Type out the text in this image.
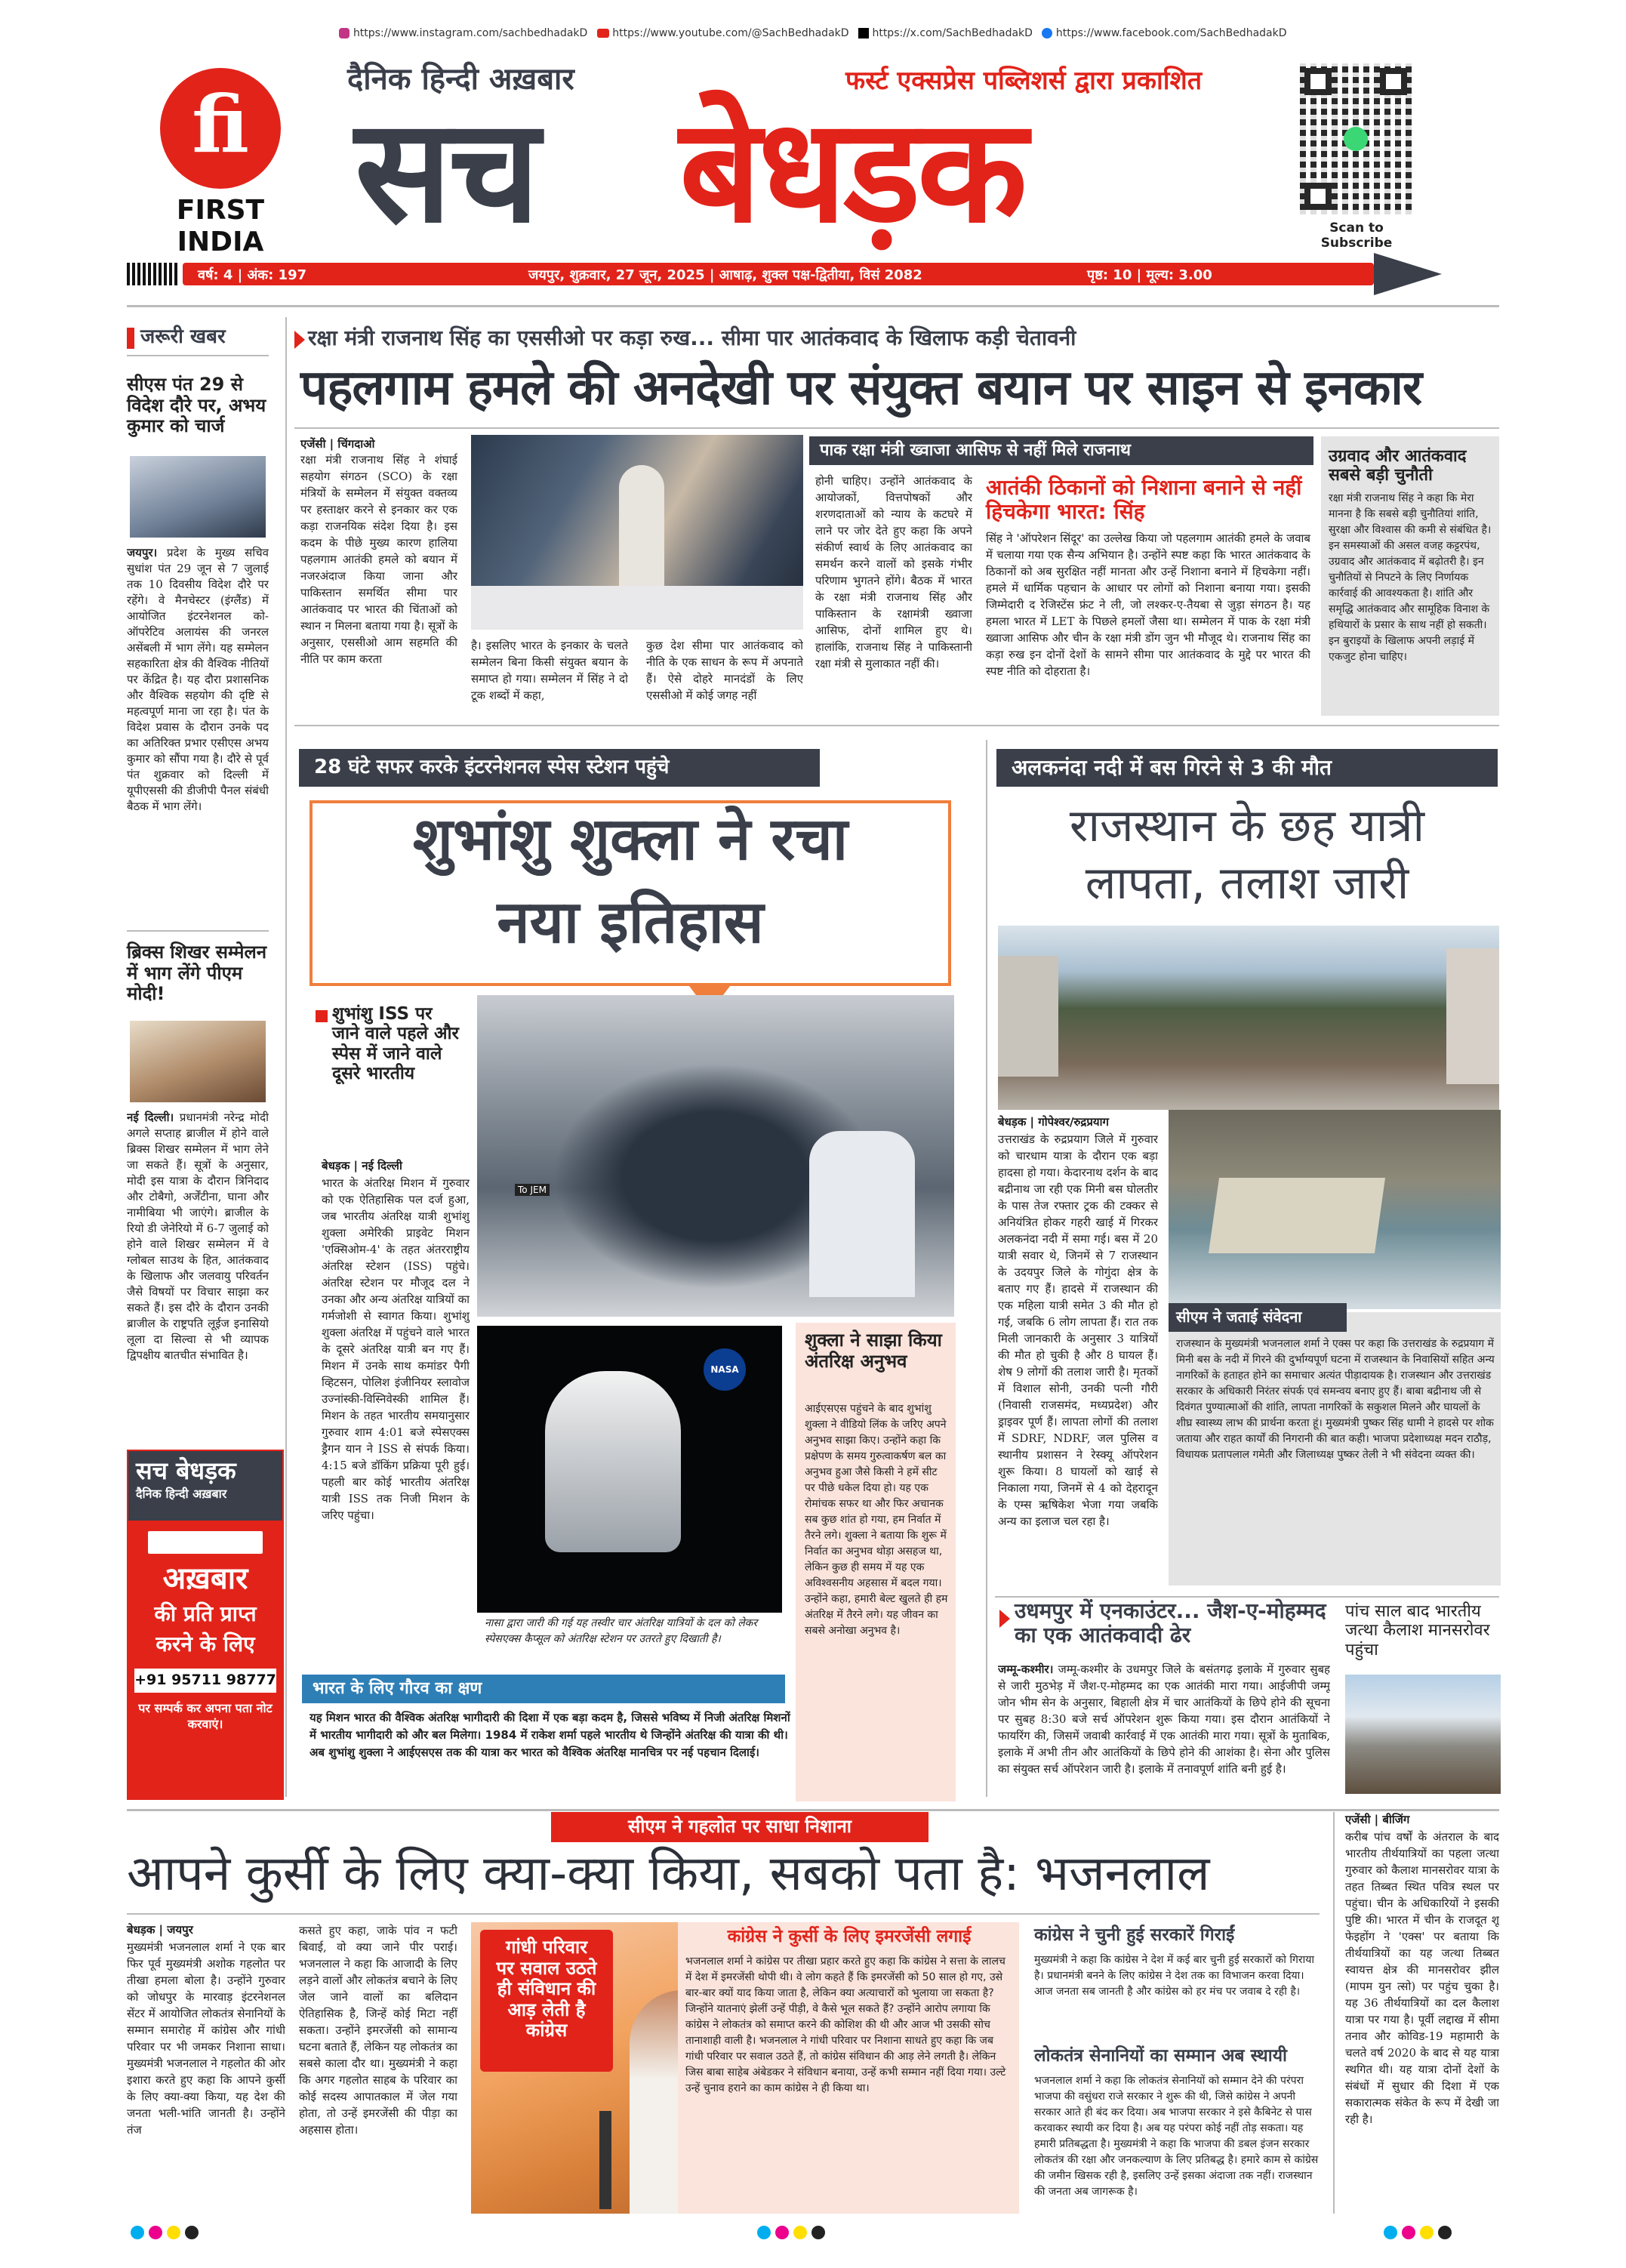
https://www.instagram.com/sachbedhadakD https://www.youtube.com/@SachBedhadakD https://x.com/SachBedhadakD https://www.facebook.com/SachBedhadakD
fi
FIRST
INDIA
दैनिक हिन्दी अख़बार	फर्स्ट एक्सप्रेस पब्लिशर्स द्वारा प्रकाशित
सच बेधड़क	Scan to Subscribe
वर्ष: 4 | अंक: 197	जयपुर, शुक्रवार, 27 जून, 2025 | आषाढ़, शुक्ल पक्ष-द्वितीया, विसं 2082	पृष्ठ: 10 | मूल्य: 3.00
जरूरी खबर
सीएस पंत 29 से विदेश दौरे पर, अभय कुमार को चार्ज
जयपुर। प्रदेश के मुख्य सचिव सुधांश पंत 29 जून से 7 जुलाई तक 10 दिवसीय विदेश दौरे पर रहेंगे। वे मैनचेस्टर (इंग्लैंड) में आयोजित इंटरनेशनल को-ऑपरेटिव अलायंस की जनरल असेंबली में भाग लेंगे। यह सम्मेलन सहकारिता क्षेत्र की वैश्विक नीतियों पर केंद्रित है। यह दौरा प्रशासनिक और वैश्विक सहयोग की दृष्टि से महत्वपूर्ण माना जा रहा है। पंत के विदेश प्रवास के दौरान उनके पद का अतिरिक्त प्रभार एसीएस अभय कुमार को सौंपा गया है। दौरे से पूर्व पंत शुक्रवार को दिल्ली में यूपीएससी की डीजीपी पैनल संबंधी बैठक में भाग लेंगे।
ब्रिक्स शिखर सम्मेलन में भाग लेंगे पीएम मोदी!
नई दिल्ली। प्रधानमंत्री नरेन्द्र मोदी अगले सप्ताह ब्राजील में होने वाले ब्रिक्स शिखर सम्मेलन में भाग लेने जा सकते हैं। सूत्रों के अनुसार, मोदी इस यात्रा के दौरान त्रिनिदाद और टोबैगो, अर्जेंटीना, घाना और नामीबिया भी जाएंगे। ब्राजील के रियो डी जेनेरियो में 6-7 जुलाई को होने वाले शिखर सम्मेलन में वे ग्लोबल साउथ के हित, आतंकवाद के खिलाफ और जलवायु परिवर्तन जैसे विषयों पर विचार साझा कर सकते हैं। इस दौरे के दौरान उनकी ब्राजील के राष्ट्रपति लूईज इनासियो लूला दा सिल्वा से भी व्यापक द्विपक्षीय बातचीत संभावित है।
सच बेधड़क
दैनिक हिन्दी अख़बार
अख़बार
की प्रति प्राप्त
करने के लिए
+91 95711 98777
पर सम्पर्क कर अपना पता नोट करवाएं।
रक्षा मंत्री राजनाथ सिंह का एससीओ पर कड़ा रुख... सीमा पार आतंकवाद के खिलाफ कड़ी चेतावनी
पहलगाम हमले की अनदेखी पर संयुक्त बयान पर साइन से इनकार
एजेंसी | चिंगदाओ
रक्षा मंत्री राजनाथ सिंह ने शंघाई सहयोग संगठन (SCO) के रक्षा मंत्रियों के सम्मेलन में संयुक्त वक्तव्य पर हस्ताक्षर करने से इनकार कर एक कड़ा राजनयिक संदेश दिया है। इस कदम के पीछे मुख्य कारण हालिया पहलगाम आतंकी हमले को बयान में नजरअंदाज किया जाना और पाकिस्तान समर्थित सीमा पार आतंकवाद पर भारत की चिंताओं को स्थान न मिलना बताया गया है। सूत्रों के अनुसार, एससीओ आम सहमति की नीति पर काम करता
है। इसलिए भारत के इनकार के चलते सम्मेलन बिना किसी संयुक्त बयान के समाप्त हो गया। सम्मेलन में सिंह ने दो टूक शब्दों में कहा,
कुछ देश सीमा पार आतंकवाद को नीति के एक साधन के रूप में अपनाते हैं। ऐसे दोहरे मानदंडों के लिए एससीओ में कोई जगह नहीं
पाक रक्षा मंत्री ख्वाजा आसिफ से नहीं मिले राजनाथ
होनी चाहिए। उन्होंने आतंकवाद के आयोजकों, वित्तपोषकों और शरणदाताओं को न्याय के कटघरे में लाने पर जोर देते हुए कहा कि अपने संकीर्ण स्वार्थ के लिए आतंकवाद का समर्थन करने वालों को इसके गंभीर परिणाम भुगतने होंगे। बैठक में भारत के रक्षा मंत्री राजनाथ सिंह और पाकिस्तान के रक्षामंत्री ख्वाजा आसिफ, दोनों शामिल हुए थे। हालांकि, राजनाथ सिंह ने पाकिस्तानी रक्षा मंत्री से मुलाकात नहीं की।
आतंकी ठिकानों को निशाना बनाने से नहीं हिचकेगा भारत: सिंह
सिंह ने 'ऑपरेशन सिंदूर' का उल्लेख किया जो पहलगाम आतंकी हमले के जवाब में चलाया गया एक सैन्य अभियान है। उन्होंने स्पष्ट कहा कि भारत आतंकवाद के ठिकानों को अब सुरक्षित नहीं मानता और उन्हें निशाना बनाने में हिचकेगा नहीं। हमले में धार्मिक पहचान के आधार पर लोगों को निशाना बनाया गया। इसकी जिम्मेदारी द रेजिस्टेंस फ्रंट ने ली, जो लश्कर-ए-तैयबा से जुड़ा संगठन है। यह हमला भारत में LET के पिछले हमलों जैसा था। सम्मेलन में पाक के रक्षा मंत्री ख्वाजा आसिफ और चीन के रक्षा मंत्री डोंग जुन भी मौजूद थे। राजनाथ सिंह का कड़ा रुख इन दोनों देशों के सामने सीमा पार आतंकवाद के मुद्दे पर भारत की स्पष्ट नीति को दोहराता है।
उग्रवाद और आतंकवाद सबसे बड़ी चुनौती
रक्षा मंत्री राजनाथ सिंह ने कहा कि मेरा मानना है कि सबसे बड़ी चुनौतियां शांति, सुरक्षा और विश्वास की कमी से संबंधित है। इन समस्याओं की असल वजह कट्टरपंथ, उग्रवाद और आतंकवाद में बढ़ोतरी है। इन चुनौतियों से निपटने के लिए निर्णायक कार्रवाई की आवश्यकता है। शांति और समृद्धि आतंकवाद और सामूहिक विनाश के हथियारों के प्रसार के साथ नहीं हो सकती। इन बुराइयों के खिलाफ अपनी लड़ाई में एकजुट होना चाहिए।
28 घंटे सफर करके इंटरनेशनल स्पेस स्टेशन पहुंचे
शुभांशु शुक्ला ने रचा
नया इतिहास
शुभांशु ISS पर जाने वाले पहले और स्पेस में जाने वाले दूसरे भारतीय
To JEM
बेधड़क | नई दिल्ली
भारत के अंतरिक्ष मिशन में गुरुवार को एक ऐतिहासिक पल दर्ज हुआ, जब भारतीय अंतरिक्ष यात्री शुभांशु शुक्ला अमेरिकी प्राइवेट मिशन 'एक्सिओम-4' के तहत अंतरराष्ट्रीय अंतरिक्ष स्टेशन (ISS) पहुंचे। अंतरिक्ष स्टेशन पर मौजूद दल ने उनका और अन्य अंतरिक्ष यात्रियों का गर्मजोशी से स्वागत किया। शुभांशु शुक्ला अंतरिक्ष में पहुंचने वाले भारत के दूसरे अंतरिक्ष यात्री बन गए हैं। मिशन में उनके साथ कमांडर पैगी व्हिटसन, पोलिश इंजीनियर स्लावोज उज्नांस्की-विस्निवेस्की शामिल हैं। मिशन के तहत भारतीय समयानुसार गुरुवार शाम 4:01 बजे स्पेसएक्स ड्रैगन यान ने ISS से संपर्क किया। 4:15 बजे डॉकिंग प्रक्रिया पूरी हुई। पहली बार कोई भारतीय अंतरिक्ष यात्री ISS तक निजी मिशन के जरिए पहुंचा।
NASA
नासा द्वारा जारी की गई यह तस्वीर चार अंतरिक्ष यात्रियों के दल को लेकर स्पेसएक्स कैप्सूल को अंतरिक्ष स्टेशन पर उतरते हुए दिखाती है।
शुक्ला ने साझा किया अंतरिक्ष अनुभव
आईएसएस पहुंचने के बाद शुभांशु शुक्ला ने वीडियो लिंक के जरिए अपने अनुभव साझा किए। उन्होंने कहा कि प्रक्षेपण के समय गुरुत्वाकर्षण बल का अनुभव हुआ जैसे किसी ने हमें सीट पर पीछे धकेल दिया हो। यह एक रोमांचक सफर था और फिर अचानक सब कुछ शांत हो गया, हम निर्वात में तैरने लगे। शुक्ला ने बताया कि शुरू में निर्वात का अनुभव थोड़ा असहज था, लेकिन कुछ ही समय में यह एक अविश्वसनीय अहसास में बदल गया। उन्होंने कहा, हमारी बेल्ट खुलते ही हम अंतरिक्ष में तैरने लगे। यह जीवन का सबसे अनोखा अनुभव है।
भारत के लिए गौरव का क्षण
यह मिशन भारत की वैश्विक अंतरिक्ष भागीदारी की दिशा में एक बड़ा कदम है, जिससे भविष्य में निजी अंतरिक्ष मिशनों में भारतीय भागीदारी को और बल मिलेगा। 1984 में राकेश शर्मा पहले भारतीय थे जिन्होंने अंतरिक्ष की यात्रा की थी। अब शुभांशु शुक्ला ने आईएसएस तक की यात्रा कर भारत को वैश्विक अंतरिक्ष मानचित्र पर नई पहचान दिलाई।
अलकनंदा नदी में बस गिरने से 3 की मौत
राजस्थान के छह यात्री
लापता, तलाश जारी
बेधड़क | गोपेश्वर/रुद्रप्रयाग
उत्तराखंड के रुद्रप्रयाग जिले में गुरुवार को चारधाम यात्रा के दौरान एक बड़ा हादसा हो गया। केदारनाथ दर्शन के बाद बद्रीनाथ जा रही एक मिनी बस घोलतीर के पास तेज रफ्तार ट्रक की टक्कर से अनियंत्रित होकर गहरी खाई में गिरकर अलकनंदा नदी में समा गई। बस में 20 यात्री सवार थे, जिनमें से 7 राजस्थान के उदयपुर जिले के गोगुंदा क्षेत्र के बताए गए हैं। हादसे में राजस्थान की एक महिला यात्री समेत 3 की मौत हो गई, जबकि 6 लोग लापता हैं। रात तक मिली जानकारी के अनुसार 3 यात्रियों की मौत हो चुकी है और 8 घायल हैं। शेष 9 लोगों की तलाश जारी है। मृतकों में विशाल सोनी, उनकी पत्नी गौरी (निवासी राजसमंद, मध्यप्रदेश) और ड्राइवर पूर्ण हैं। लापता लोगों की तलाश में SDRF, NDRF, जल पुलिस व स्थानीय प्रशासन ने रेस्क्यू ऑपरेशन शुरू किया। 8 घायलों को खाई से निकाला गया, जिनमें से 4 को देहरादून के एम्स ऋषिकेश भेजा गया जबकि अन्य का इलाज चल रहा है।
सीएम ने जताई संवेदना
राजस्थान के मुख्यमंत्री भजनलाल शर्मा ने एक्स पर कहा कि उत्तराखंड के रुद्रप्रयाग में मिनी बस के नदी में गिरने की दुर्भाग्यपूर्ण घटना में राजस्थान के निवासियों सहित अन्य नागरिकों के हताहत होने का समाचार अत्यंत पीड़ादायक है। राजस्थान और उत्तराखंड सरकार के अधिकारी निरंतर संपर्क एवं समन्वय बनाए हुए हैं। बाबा बद्रीनाथ जी से दिवंगत पुण्यात्माओं की शांति, लापता नागरिकों के सकुशल मिलने और घायलों के शीघ्र स्वास्थ्य लाभ की प्रार्थना करता हूं। मुख्यमंत्री पुष्कर सिंह धामी ने हादसे पर शोक जताया और राहत कार्यों की निगरानी की बात कही। भाजपा प्रदेशाध्यक्ष मदन राठौड़, विधायक प्रतापलाल गमेती और जिलाध्यक्ष पुष्कर तेली ने भी संवेदना व्यक्त की।
उधमपुर में एनकाउंटर... जैश-ए-मोहम्मद का एक आतंकवादी ढेर
जम्मू-कश्मीर। जम्मू-कश्मीर के उधमपुर जिले के बसंतगढ़ इलाके में गुरुवार सुबह से जारी मुठभेड़ में जैश-ए-मोहम्मद का एक आतंकी मारा गया। आईजीपी जम्मू जोन भीम सेन के अनुसार, बिहाली क्षेत्र में चार आतंकियों के छिपे होने की सूचना पर सुबह 8:30 बजे सर्च ऑपरेशन शुरू किया गया। इस दौरान आतंकियों ने फायरिंग की, जिसमें जवाबी कार्रवाई में एक आतंकी मारा गया। सूत्रों के मुताबिक, इलाके में अभी तीन और आतंकियों के छिपे होने की आशंका है। सेना और पुलिस का संयुक्त सर्च ऑपरेशन जारी है। इलाके में तनावपूर्ण शांति बनी हुई है।
पांच साल बाद भारतीय जत्था कैलाश मानसरोवर पहुंचा
सीएम ने गहलोत पर साधा निशाना
आपने कुर्सी के लिए क्या-क्या किया, सबको पता है: भजनलाल
बेधड़क | जयपुर
मुख्यमंत्री भजनलाल शर्मा ने एक बार फिर पूर्व मुख्यमंत्री अशोक गहलोत पर तीखा हमला बोला है। उन्होंने गुरुवार को जोधपुर के मारवाड़ इंटरनेशनल सेंटर में आयोजित लोकतंत्र सेनानियों के सम्मान समारोह में कांग्रेस और गांधी परिवार पर भी जमकर निशाना साधा। मुख्यमंत्री भजनलाल ने गहलोत की ओर इशारा करते हुए कहा कि आपने कुर्सी के लिए क्या-क्या किया, यह देश की जनता भली-भांति जानती है। उन्होंने तंज
कसते हुए कहा, जाके पांव न फटी बिवाई, वो क्या जाने पीर पराई। भजनलाल ने कहा कि आजादी के लिए लड़ने वालों और लोकतंत्र बचाने के लिए जेल जाने वालों का बलिदान ऐतिहासिक है, जिन्हें कोई मिटा नहीं सकता। उन्होंने इमरजेंसी को सामान्य घटना बताते हैं, लेकिन यह लोकतंत्र का सबसे काला दौर था। मुख्यमंत्री ने कहा कि अगर गहलोत साहब के परिवार का कोई सदस्य आपातकाल में जेल गया होता, तो उन्हें इमरजेंसी की पीड़ा का अहसास होता।
गांधी परिवार
पर सवाल उठते
ही संविधान की
आड़ लेती है
कांग्रेस
कांग्रेस ने कुर्सी के लिए इमरजेंसी लगाई
भजनलाल शर्मा ने कांग्रेस पर तीखा प्रहार करते हुए कहा कि कांग्रेस ने सत्ता के लालच में देश में इमरजेंसी थोपी थी। वे लोग कहते हैं कि इमरजेंसी को 50 साल हो गए, उसे बार-बार क्यों याद किया जाता है, लेकिन क्या अत्याचारों को भुलाया जा सकता है? जिन्होंने यातनाएं झेलीं उन्हें पीड़ी, वे कैसे भूल सकते हैं? उन्होंने आरोप लगाया कि कांग्रेस ने लोकतंत्र को समाप्त करने की कोशिश की थी और आज भी उसकी सोच तानाशाही वाली है। भजनलाल ने गांधी परिवार पर निशाना साधते हुए कहा कि जब गांधी परिवार पर सवाल उठते हैं, तो कांग्रेस संविधान की आड़ लेने लगती है। लेकिन जिस बाबा साहेब अंबेडकर ने संविधान बनाया, उन्हें कभी सम्मान नहीं दिया गया। उल्टे उन्हें चुनाव हराने का काम कांग्रेस ने ही किया था।
कांग्रेस ने चुनी हुई सरकारें गिराईं
मुख्यमंत्री ने कहा कि कांग्रेस ने देश में कई बार चुनी हुई सरकारों को गिराया है। प्रधानमंत्री बनने के लिए कांग्रेस ने देश तक का विभाजन करवा दिया। आज जनता सब जानती है और कांग्रेस को हर मंच पर जवाब दे रही है।
लोकतंत्र सेनानियों का सम्मान अब स्थायी
भजनलाल शर्मा ने कहा कि लोकतंत्र सेनानियों को सम्मान देने की परंपरा भाजपा की वसुंधरा राजे सरकार ने शुरू की थी, जिसे कांग्रेस ने अपनी सरकार आते ही बंद कर दिया। अब भाजपा सरकार ने इसे कैबिनेट से पास करवाकर स्थायी कर दिया है। अब यह परंपरा कोई नहीं तोड़ सकता। यह हमारी प्रतिबद्धता है। मुख्यमंत्री ने कहा कि भाजपा की डबल इंजन सरकार लोकतंत्र की रक्षा और जनकल्याण के लिए प्रतिबद्ध है। हमारे काम से कांग्रेस की जमीन खिसक रही है, इसलिए उन्हें इसका अंदाजा तक नहीं। राजस्थान की जनता अब जागरूक है।
एजेंसी | बीजिंग
करीब पांच वर्षों के अंतराल के बाद भारतीय तीर्थयात्रियों का पहला जत्था गुरुवार को कैलाश मानसरोवर यात्रा के तहत तिब्बत स्थित पवित्र स्थल पर पहुंचा। चीन के अधिकारियों ने इसकी पुष्टि की। भारत में चीन के राजदूत शू फेइहोंग ने 'एक्स' पर बताया कि तीर्थयात्रियों का यह जत्था तिब्बत स्वायत्त क्षेत्र की मानसरोवर झील (मापम युन त्सो) पर पहुंच चुका है। यह 36 तीर्थयात्रियों का दल कैलाश यात्रा पर गया है। पूर्वी लद्दाख में सीमा तनाव और कोविड-19 महामारी के चलते वर्ष 2020 के बाद से यह यात्रा स्थगित थी। यह यात्रा दोनों देशों के संबंधों में सुधार की दिशा में एक सकारात्मक संकेत के रूप में देखी जा रही है।
